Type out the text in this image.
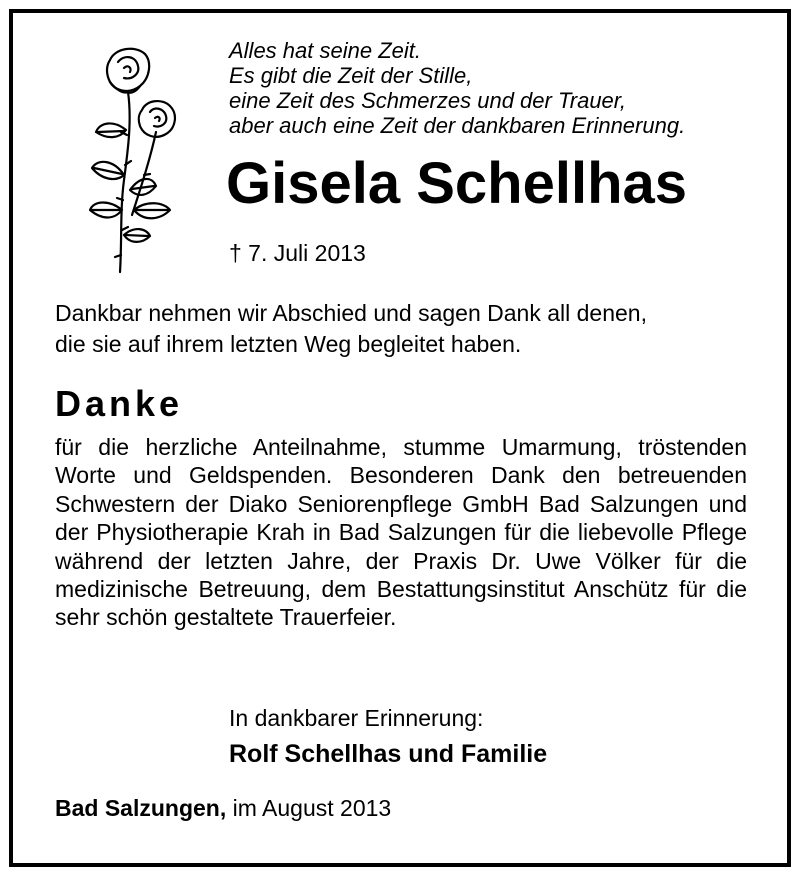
Alles hat seine Zeit.
Es gibt die Zeit der Stille,
eine Zeit des Schmerzes und der Trauer,
aber auch eine Zeit der dankbaren Erinnerung.
Gisela Schellhas
† 7. Juli 2013
Dankbar nehmen wir Abschied und sagen Dank all denen,
die sie auf ihrem letzten Weg begleitet haben.
Danke
für die herzliche Anteilnahme, stumme Umarmung, tröstenden Worte und Geldspenden. Besonderen Dank den betreuenden Schwestern der Diako Seniorenpflege GmbH Bad Salzungen und der Physiotherapie Krah in Bad Salzungen für die liebevolle Pflege während der letzten Jahre, der Praxis Dr. Uwe Völker für die medizinische Betreuung, dem Bestattungsinstitut Anschütz für die sehr schön gestaltete Trauerfeier.
In dankbarer Erinnerung:
Rolf Schellhas und Familie
Bad Salzungen, im August 2013
